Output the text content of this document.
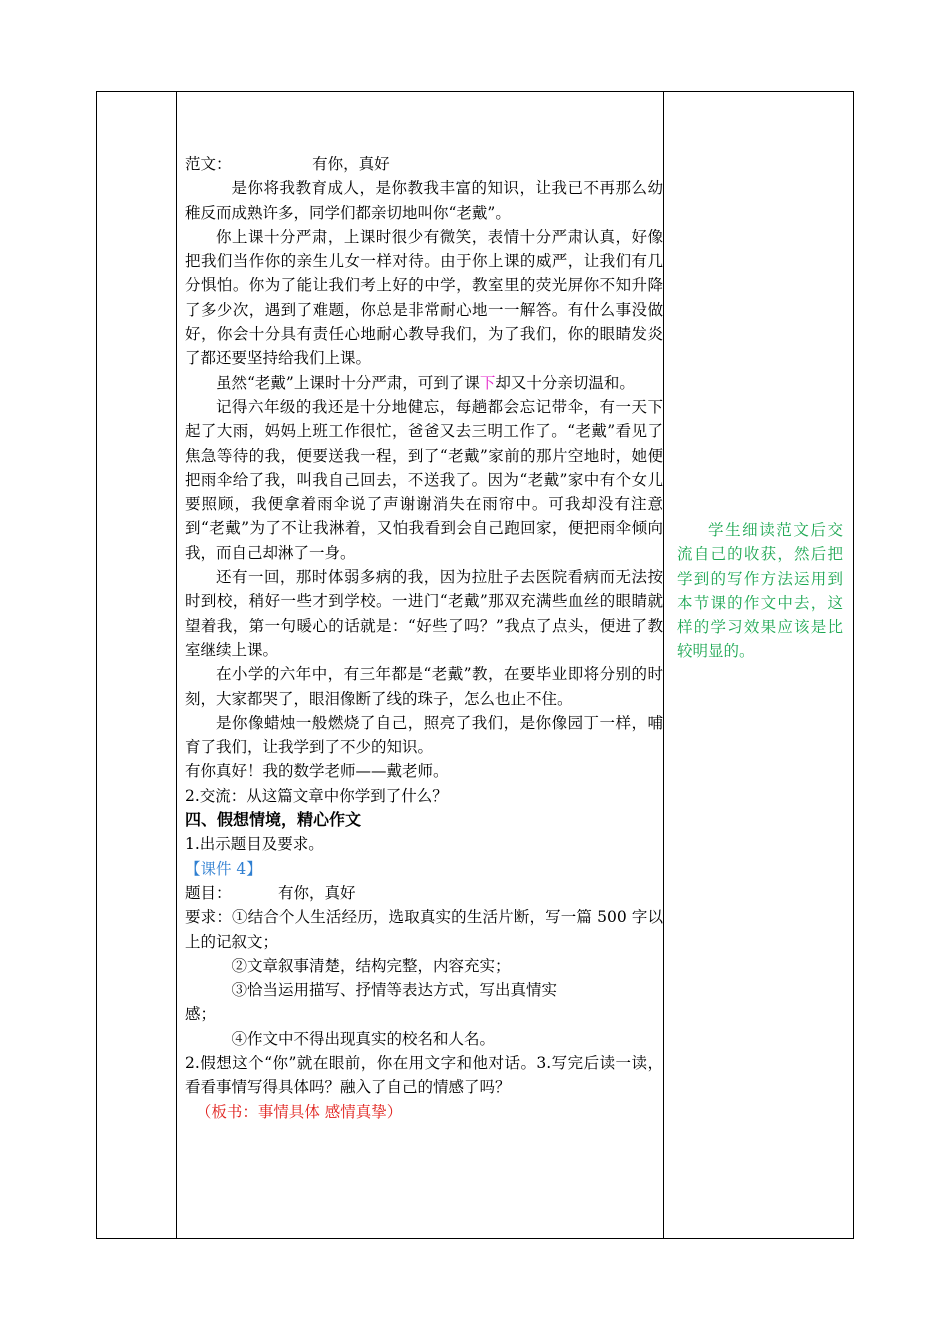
范文：	有你，真好

是你将我教育成人，是你教我丰富的知识，让我已不再那么幼稚反而成熟许多，同学们都亲切地叫你“老戴”。

你上课十分严肃，上课时很少有微笑，表情十分严肃认真，好像把我们当作你的亲生儿女一样对待。由于你上课的威严，让我们有几分惧怕。你为了能让我们考上好的中学，教室里的荧光屏你不知升降了多少次，遇到了难题，你总是非常耐心地一一解答。有什么事没做好，你会十分具有责任心地耐心教导我们，为了我们，你的眼睛发炎了都还要坚持给我们上课。

虽然“老戴”上课时十分严肃，可到了课下却又十分亲切温和。

记得六年级的我还是十分地健忘，每趟都会忘记带伞，有一天下起了大雨，妈妈上班工作很忙，爸爸又去三明工作了。“老戴”看见了焦急等待的我，便要送我一程，到了“老戴”家前的那片空地时，她便把雨伞给了我，叫我自己回去，不送我了。因为“老戴”家中有个女儿要照顾，我便拿着雨伞说了声谢谢消失在雨帘中。可我却没有注意到“老戴”为了不让我淋着，又怕我看到会自己跑回家，便把雨伞倾向我，而自己却淋了一身。

还有一回，那时体弱多病的我，因为拉肚子去医院看病而无法按时到校，稍好一些才到学校。一进门“老戴”那双充满些血丝的眼睛就望着我，第一句暖心的话就是：“好些了吗？”我点了点头，便进了教室继续上课。

在小学的六年中，有三年都是“老戴”教，在要毕业即将分别的时刻，大家都哭了，眼泪像断了线的珠子，怎么也止不住。

是你像蜡烛一般燃烧了自己，照亮了我们，是你像园丁一样，哺育了我们，让我学到了不少的知识。

有你真好！我的数学老师——戴老师。

2.交流：从这篇文章中你学到了什么？

四、假想情境，精心作文

1.出示题目及要求。

【课件 4】

题目：	有你，真好

要求：①结合个人生活经历，选取真实的生活片断，写一篇 500 字以上的记叙文；

②文章叙事清楚，结构完整，内容充实；

③恰当运用描写、抒情等表达方式，写出真情实

感；

④作文中不得出现真实的校名和人名。

2.假想这个“你”就在眼前，你在用文字和他对话。3.写完后读一读，看看事情写得具体吗？融入了自己的情感了吗？

（板书：事情具体 感情真挚）

学生细读范文后交流自己的收获，然后把学到的写作方法运用到本节课的作文中去，这样的学习效果应该是比较明显的。
